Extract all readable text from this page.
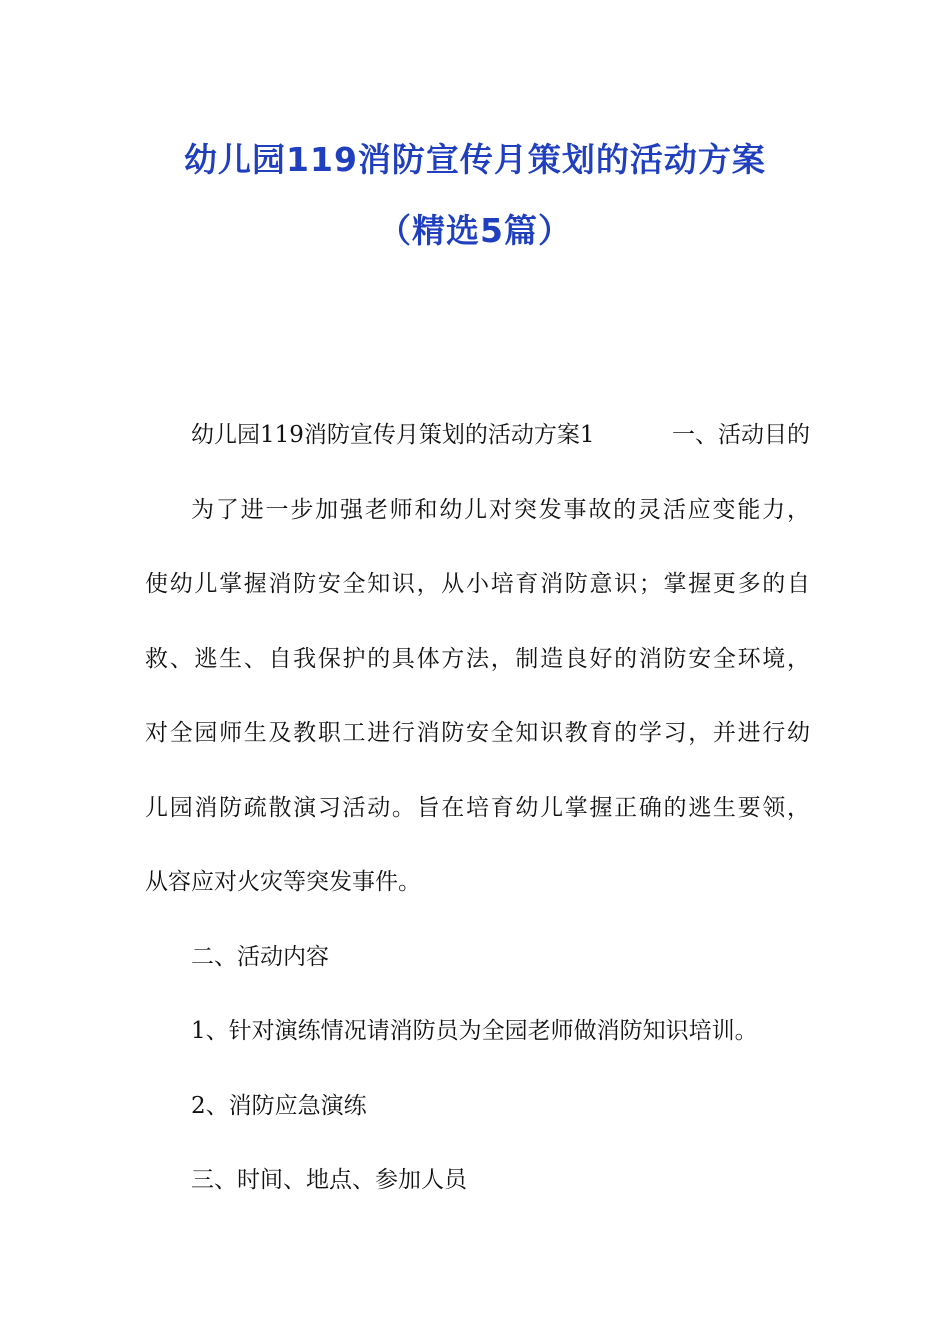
幼儿园119消防宣传月策划的活动方案
（精选5篇）
幼儿园119消防宣传月策划的活动方案1	一、活动目的
为了进一步加强老师和幼儿对突发事故的灵活应变能力，
使幼儿掌握消防安全知识，从小培育消防意识；掌握更多的自
救、逃生、自我保护的具体方法，制造良好的消防安全环境，
对全园师生及教职工进行消防安全知识教育的学习，并进行幼
儿园消防疏散演习活动。旨在培育幼儿掌握正确的逃生要领，
从容应对火灾等突发事件。
二、活动内容
1、针对演练情况请消防员为全园老师做消防知识培训。
2、消防应急演练
三、时间、地点、参加人员
